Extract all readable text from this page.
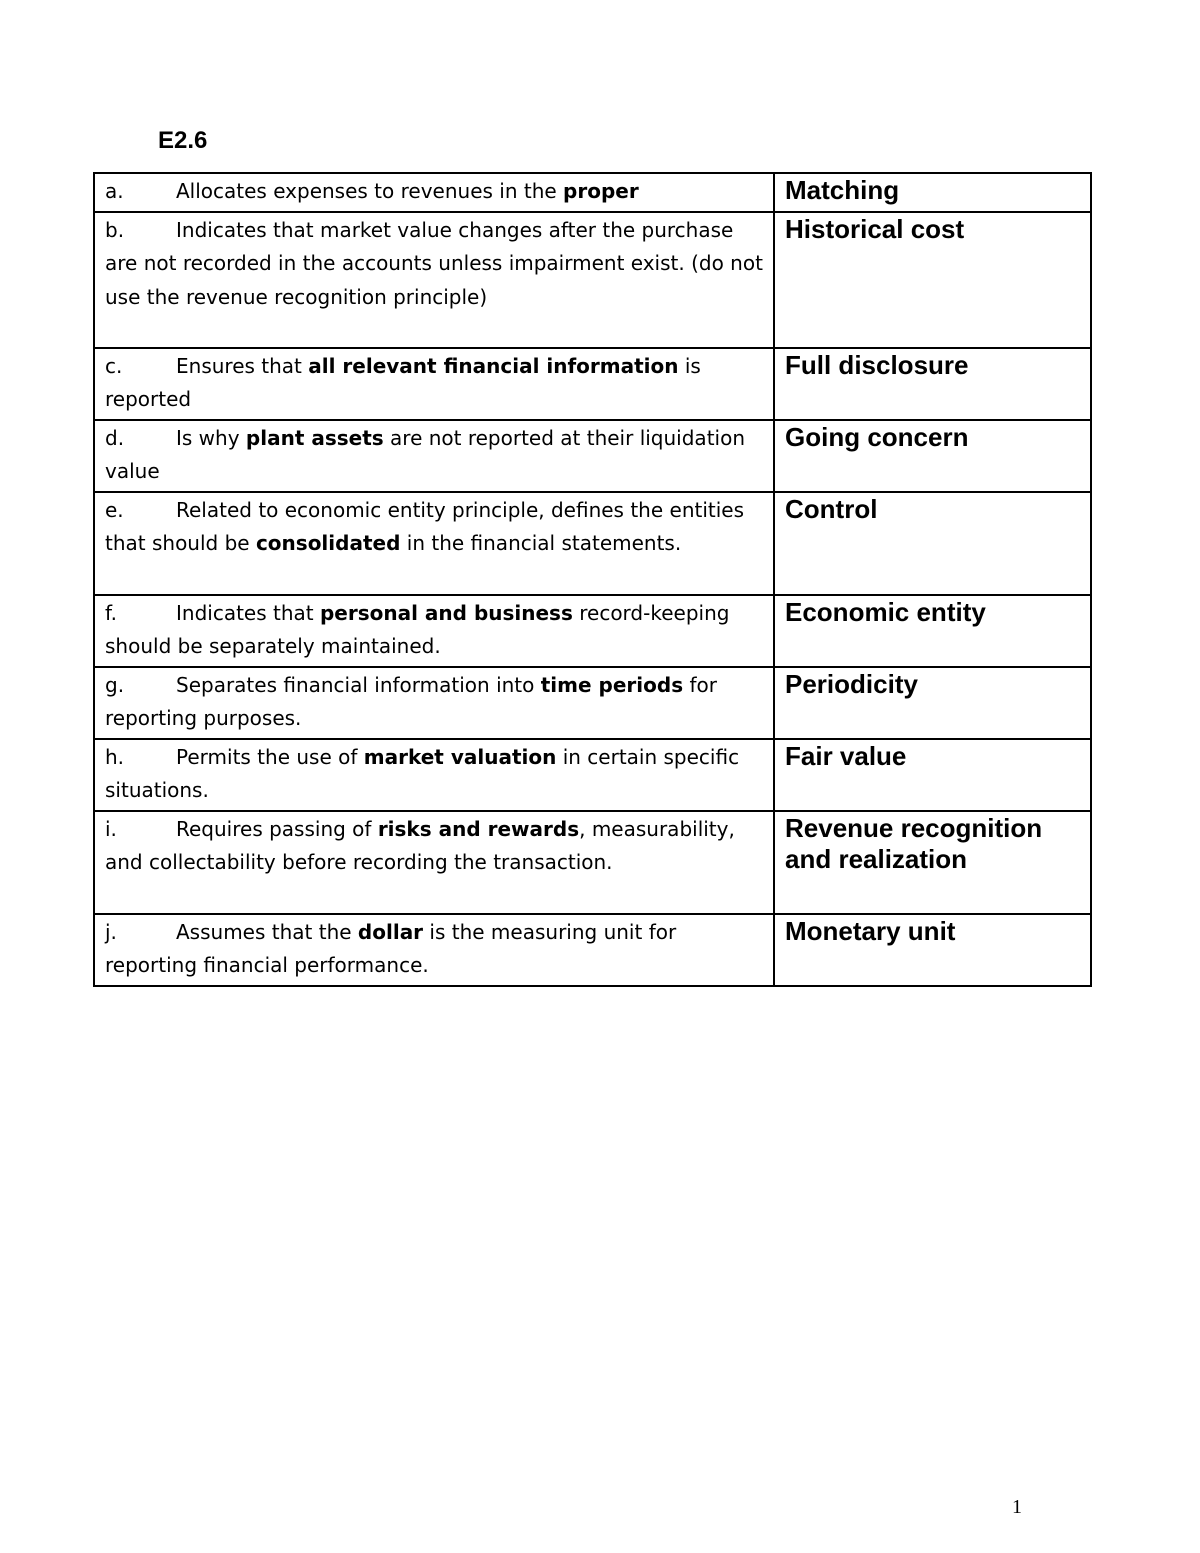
E2.6
a. Allocates expenses to revenues in the proper	Matching
b. Indicates that market value changes after the purchase are not recorded in the accounts unless impairment exist. (do not use the revenue recognition principle)	Historical cost
c. Ensures that all relevant financial information is reported	Full disclosure
d. Is why plant assets are not reported at their liquidation value	Going concern
e. Related to economic entity principle, defines the entities that should be consolidated in the financial statements.	Control
f. Indicates that personal and business record-keeping should be separately maintained.	Economic entity
g. Separates financial information into time periods for reporting purposes.	Periodicity
h. Permits the use of market valuation in certain specific situations.	Fair value
i. Requires passing of risks and rewards, measurability, and collectability before recording the transaction.	Revenue recognition and realization
j. Assumes that the dollar is the measuring unit for reporting financial performance.	Monetary unit
1
